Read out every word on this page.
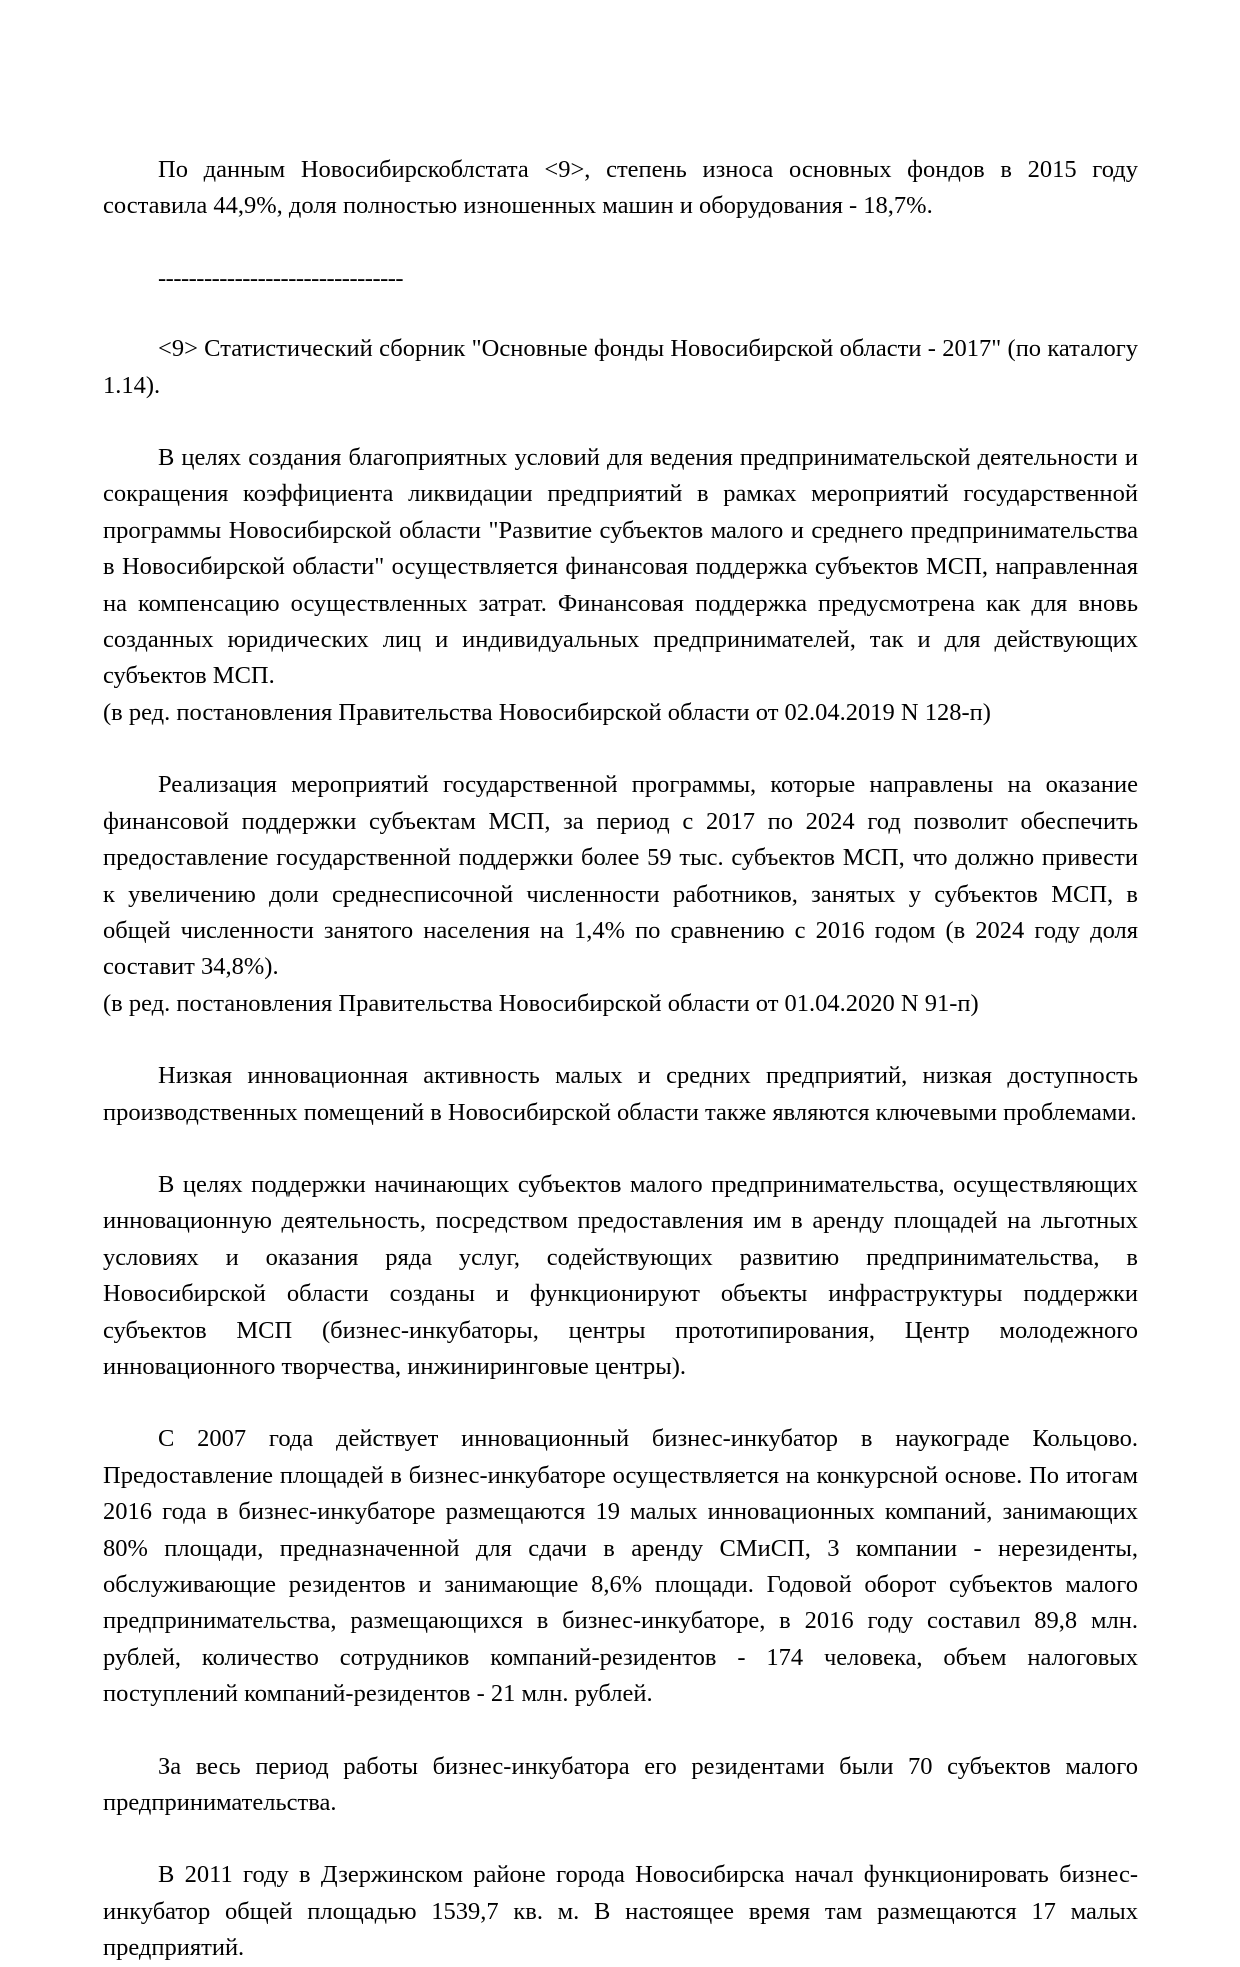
По данным Новосибирскоблстата <9>, степень износа основных фондов в 2015 году составила 44,9%, доля полностью изношенных машин и оборудования - 18,7%.

--------------------------------

<9> Статистический сборник "Основные фонды Новосибирской области - 2017" (по каталогу 1.14).

В целях создания благоприятных условий для ведения предпринимательской деятельности и сокращения коэффициента ликвидации предприятий в рамках мероприятий государственной программы Новосибирской области "Развитие субъектов малого и среднего предпринимательства в Новосибирской области" осуществляется финансовая поддержка субъектов МСП, направленная на компенсацию осуществленных затрат. Финансовая поддержка предусмотрена как для вновь созданных юридических лиц и индивидуальных предпринимателей, так и для действующих субъектов МСП.

(в ред. постановления Правительства Новосибирской области от 02.04.2019 N 128-п)

Реализация мероприятий государственной программы, которые направлены на оказание финансовой поддержки субъектам МСП, за период с 2017 по 2024 год позволит обеспечить предоставление государственной поддержки более 59 тыс. субъектов МСП, что должно привести к увеличению доли среднесписочной численности работников, занятых у субъектов МСП, в общей численности занятого населения на 1,4% по сравнению с 2016 годом (в 2024 году доля составит 34,8%).

(в ред. постановления Правительства Новосибирской области от 01.04.2020 N 91-п)

Низкая инновационная активность малых и средних предприятий, низкая доступность производственных помещений в Новосибирской области также являются ключевыми проблемами.

В целях поддержки начинающих субъектов малого предпринимательства, осуществляющих инновационную деятельность, посредством предоставления им в аренду площадей на льготных условиях и оказания ряда услуг, содействующих развитию предпринимательства, в Новосибирской области созданы и функционируют объекты инфраструктуры поддержки субъектов МСП (бизнес-инкубаторы, центры прототипирования, Центр молодежного инновационного творчества, инжиниринговые центры).

С 2007 года действует инновационный бизнес-инкубатор в наукограде Кольцово. Предоставление площадей в бизнес-инкубаторе осуществляется на конкурсной основе. По итогам 2016 года в бизнес-инкубаторе размещаются 19 малых инновационных компаний, занимающих 80% площади, предназначенной для сдачи в аренду СМиСП, 3 компании - нерезиденты, обслуживающие резидентов и занимающие 8,6% площади. Годовой оборот субъектов малого предпринимательства, размещающихся в бизнес-инкубаторе, в 2016 году составил 89,8 млн. рублей, количество сотрудников компаний-резидентов - 174 человека, объем налоговых поступлений компаний-резидентов - 21 млн. рублей.

За весь период работы бизнес-инкубатора его резидентами были 70 субъектов малого предпринимательства.

В 2011 году в Дзержинском районе города Новосибирска начал функционировать бизнес-инкубатор общей площадью 1539,7 кв. м. В настоящее время там размещаются 17 малых предприятий.
